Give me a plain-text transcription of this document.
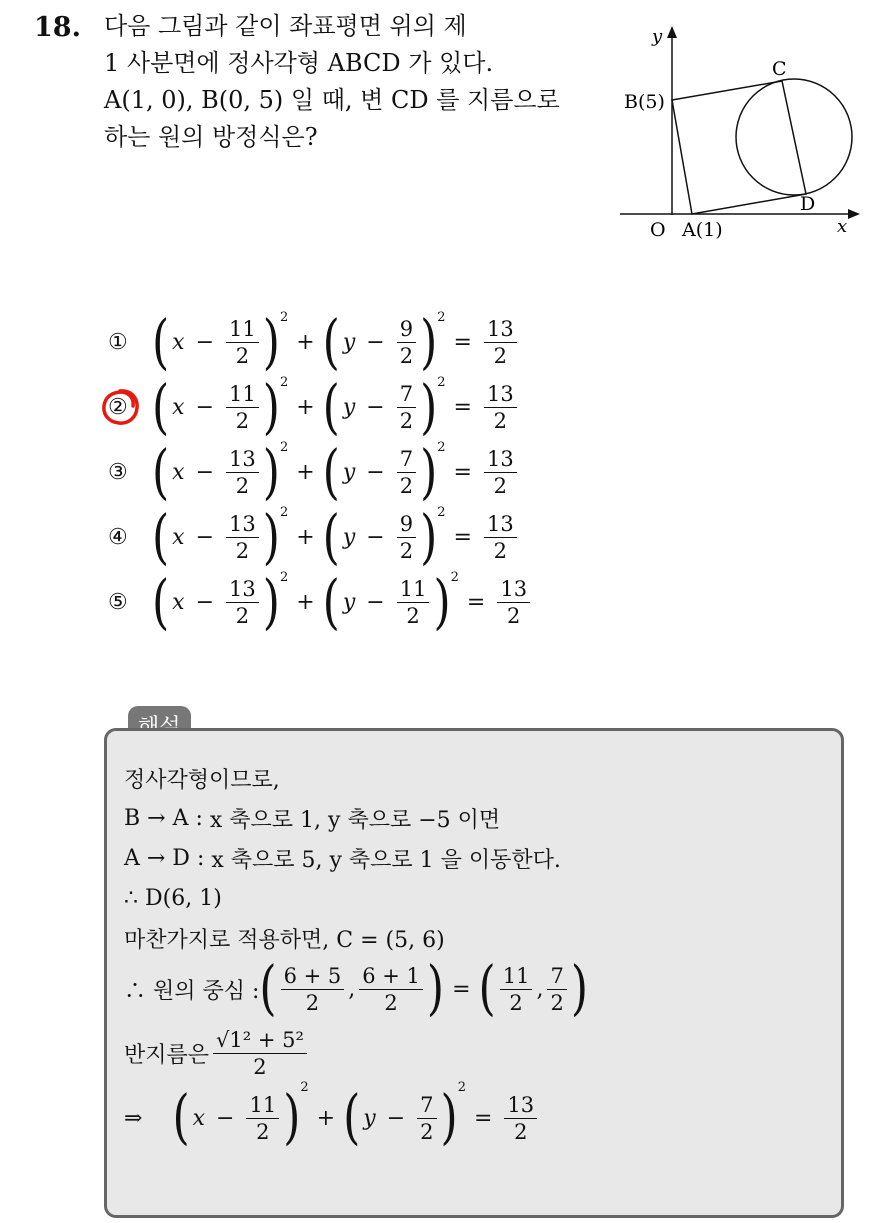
18. 다음 그림과 같이 좌표평면 위의 제
1 사분면에 정사각형 ABCD 가 있다.
A(1, 0), B(0, 5) 일 때, 변 CD 를 지름으로
하는 원의 방정식은?
y
x
O A(1)
B(5)
C
D
① ( $x - \frac{11}{2}$ ) 2
+ ( $y - \frac{9}{2}$ ) 2
= $\frac{13}{2}$
② ( $x - \frac{11}{2}$ ) 2
+ ( $y - \frac{7}{2}$ ) 2
= $\frac{13}{2}$
③ ( $x - \frac{13}{2}$ ) 2
+ ( $y - \frac{7}{2}$ ) 2
= $\frac{13}{2}$
④ ( $x - \frac{13}{2}$ ) 2
+ ( $y - \frac{9}{2}$ ) 2
= $\frac{13}{2}$
⑤ ( $x - \frac{13}{2}$ ) 2
+ ( $y - \frac{11}{2}$ ) 2
= $\frac{13}{2}$
정사각형이므로,
B → A :
x 축으로 1, y 축으로 −5 이면
A → D :
x 축으로 5, y 축으로 1 을 이동한다.
∴ D(6, 1)
마찬가지로 적용하면, C = (5, 6)
∴ 원의 중심 : ( $\frac{6 + 5}{2}$ , $\frac{6 + 1}{2}$ ) = ( $\frac{11}{2}$ , $\frac{7}{2}$ )
반지름은 $\frac{\text{√1² + 5²}}{2}$
⇒ ( $x - \frac{11}{2}$ ) 2
+ ( $y - \frac{7}{2}$ ) 2
= $\frac{13}{2}$
